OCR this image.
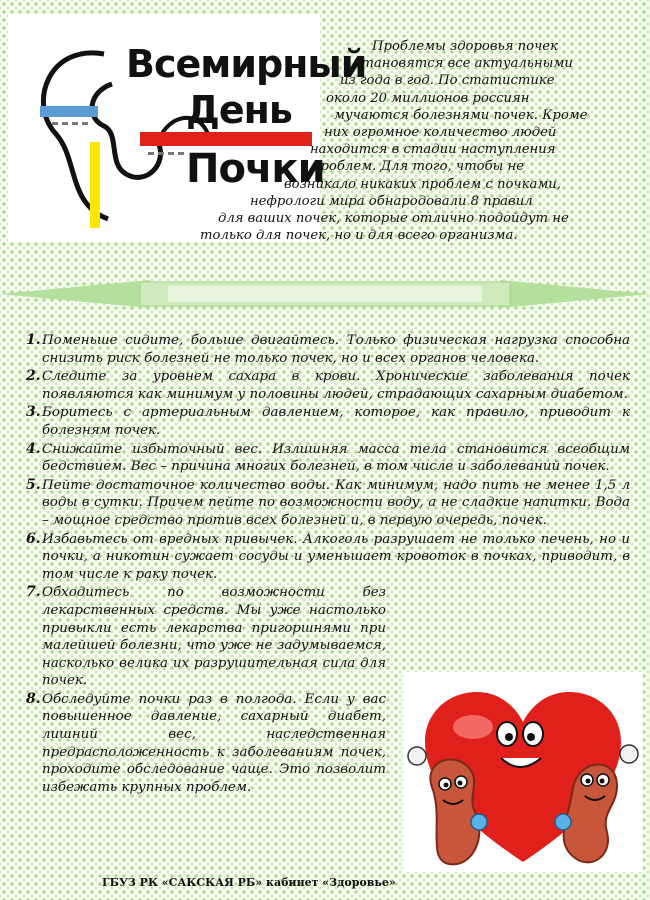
Всемирный
День
Почки
Проблемы здоровья почек
становятся все актуальными
из года в год. По статистике
около 20 миллионов россиян
мучаются болезнями почек. Кроме
них огромное количество людей
находится в стадии наступления
проблем. Для того, чтобы не
возникало никаких проблем с почками,
нефрологи мира обнародовали 8 правил
для ваших почек, которые отлично подойдут не
только для почек, но и для всего организма.
1. Поменьше сидите, больше двигайтесь. Только физическая нагрузка способна снизить риск болезней не только почек, но и всех органов человека.
2. Следите за уровнем сахара в крови. Хронические заболевания почек появляются как минимум у половины людей, страдающих сахарным диабетом.
3. Боритесь с артериальным давлением, которое, как правило, приводит к болезням почек.
4. Снижайте избыточный вес. Излишняя масса тела становится всеобщим бедствием. Вес – причина многих болезней, в том числе и заболеваний почек.
5. Пейте достаточное количество воды. Как минимум, надо пить не менее 1,5 л воды в сутки. Причем пейте по возможности воду, а не сладкие напитки. Вода – мощное средство против всех болезней и, в первую очередь, почек.
6. Избавьтесь от вредных привычек. Алкоголь разрушает не только печень, но и почки, а никотин сужает сосуды и уменьшает кровоток в почках, приводит, в том числе к раку почек.
7. Обходитесь по возможности без лекарственных средств. Мы уже настолько привыкли есть лекарства пригоршнями при малейшей болезни, что уже не задумываемся, насколько велика их разрушительная сила для почек.
8. Обследуйте почки раз в полгода. Если у вас повышенное давление, сахарный диабет, лишний вес, наследственная предрасположенность к заболеваниям почек, проходите обследование чаще. Это позволит избежать крупных проблем.
ГБУЗ РК «САКСКАЯ РБ» кабинет «Здоровье»
